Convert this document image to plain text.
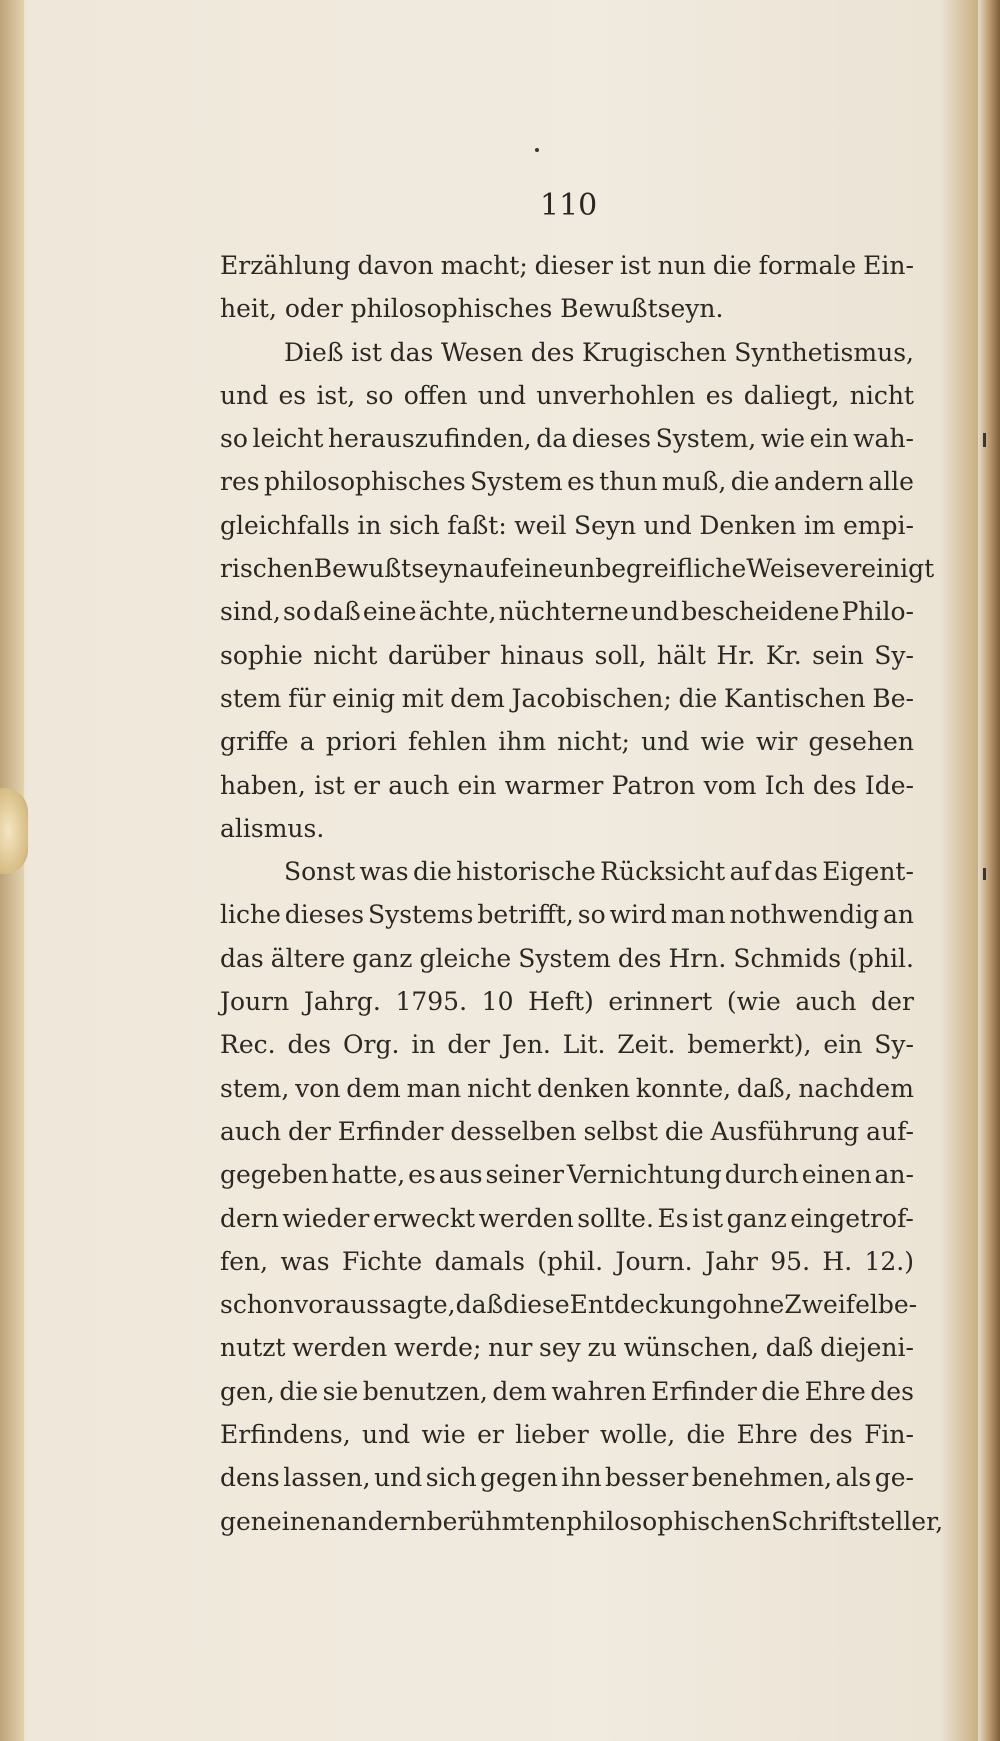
110
Erzählung davon macht; dieser ist nun die formale Ein-
heit, oder philosophisches Bewußtseyn.
Dieß ist das Wesen des Krugischen Synthetismus,
und es ist, so offen und unverhohlen es daliegt, nicht
so leicht herauszufinden, da dieses System, wie ein wah-
res philosophisches System es thun muß, die andern alle
gleichfalls in sich faßt: weil Seyn und Denken im empi-
rischen Bewußtseyn auf eine unbegreifliche Weise vereinigt
sind, so daß eine ächte, nüchterne und bescheidene Philo-
sophie nicht darüber hinaus soll, hält Hr. Kr. sein Sy-
stem für einig mit dem Jacobischen; die Kantischen Be-
griffe a priori fehlen ihm nicht; und wie wir gesehen
haben, ist er auch ein warmer Patron vom Ich des Ide-
alismus.
Sonst was die historische Rücksicht auf das Eigent-
liche dieses Systems betrifft, so wird man nothwendig an
das ältere ganz gleiche System des Hrn. Schmids (phil.
Journ Jahrg. 1795. 10 Heft) erinnert (wie auch der
Rec. des Org. in der Jen. Lit. Zeit. bemerkt), ein Sy-
stem, von dem man nicht denken konnte, daß, nachdem
auch der Erfinder desselben selbst die Ausführung auf-
gegeben hatte, es aus seiner Vernichtung durch einen an-
dern wieder erweckt werden sollte. Es ist ganz eingetrof-
fen, was Fichte damals (phil. Journ. Jahr 95. H. 12.)
schon voraussagte, daß diese Entdeckung ohne Zweifel be-
nutzt werden werde; nur sey zu wünschen, daß diejeni-
gen, die sie benutzen, dem wahren Erfinder die Ehre des
Erfindens, und wie er lieber wolle, die Ehre des Fin-
dens lassen, und sich gegen ihn besser benehmen, als ge-
gen einen andern berühmten philosophischen Schriftsteller,
